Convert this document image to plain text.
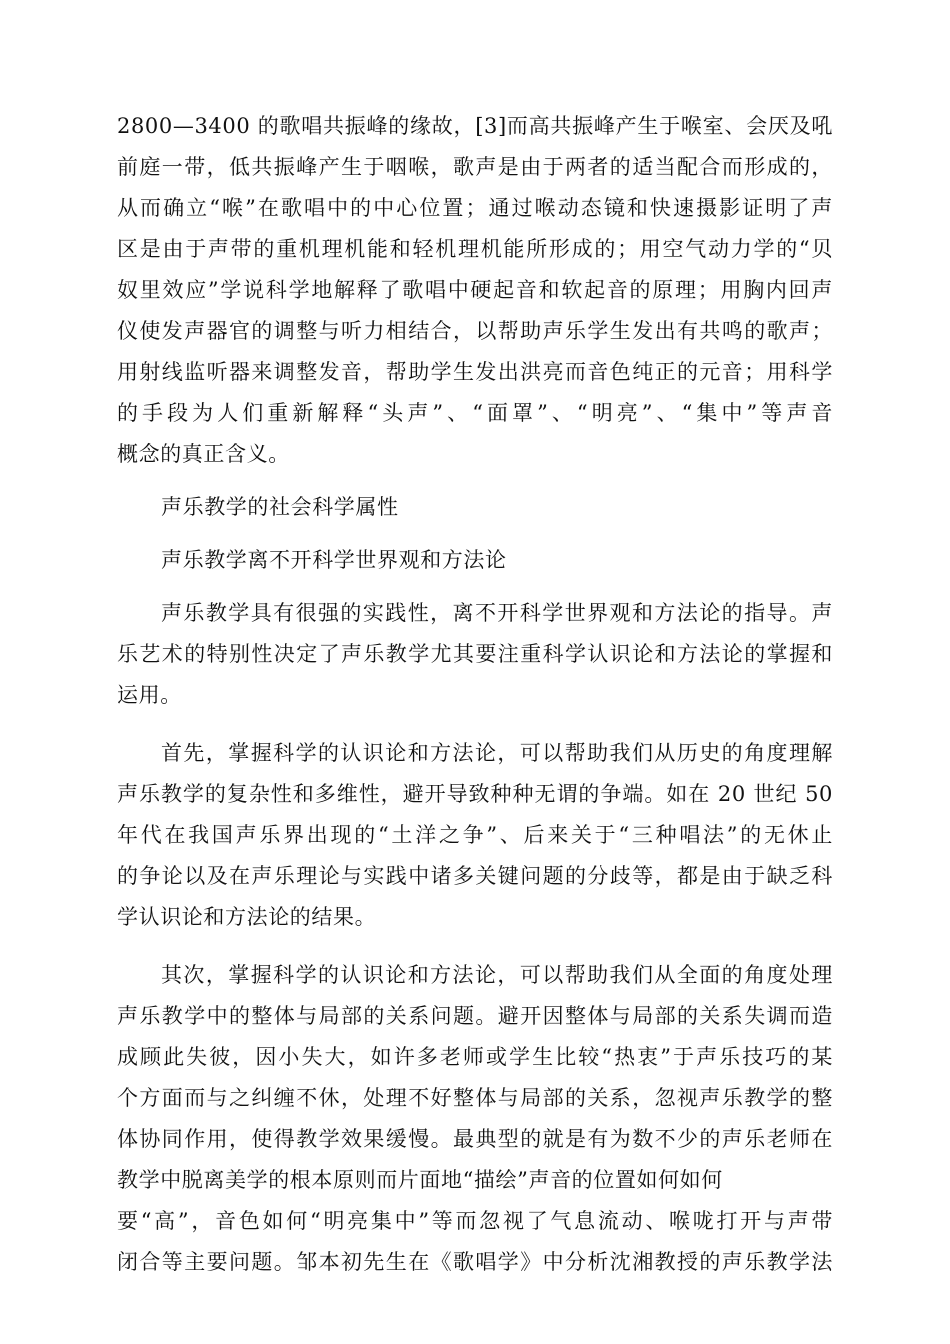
2800—3400 的歌唱共振峰的缘故，[3]而高共振峰产生于喉室、会厌及吼
前庭一带，低共振峰产生于咽喉，歌声是由于两者的适当配合而形成的，
从而确立“喉”在歌唱中的中心位置；通过喉动态镜和快速摄影证明了声
区是由于声带的重机理机能和轻机理机能所形成的；用空气动力学的“贝
奴里效应”学说科学地解释了歌唱中硬起音和软起音的原理；用胸内回声
仪使发声器官的调整与听力相结合，以帮助声乐学生发出有共鸣的歌声；
用射线监听器来调整发音，帮助学生发出洪亮而音色纯正的元音；用科学
的手段为人们重新解释“头声”、“面罩”、“明亮”、“集中”等声音
概念的真正含义。
声乐教学的社会科学属性
声乐教学离不开科学世界观和方法论
声乐教学具有很强的实践性，离不开科学世界观和方法论的指导。声
乐艺术的特别性决定了声乐教学尤其要注重科学认识论和方法论的掌握和
运用。
首先，掌握科学的认识论和方法论，可以帮助我们从历史的角度理解
声乐教学的复杂性和多维性，避开导致种种无谓的争端。如在 20 世纪 50
年代在我国声乐界出现的“土洋之争”、后来关于“三种唱法”的无休止
的争论以及在声乐理论与实践中诸多关键问题的分歧等，都是由于缺乏科
学认识论和方法论的结果。
其次，掌握科学的认识论和方法论，可以帮助我们从全面的角度处理
声乐教学中的整体与局部的关系问题。避开因整体与局部的关系失调而造
成顾此失彼，因小失大，如许多老师或学生比较“热衷”于声乐技巧的某
个方面而与之纠缠不休，处理不好整体与局部的关系，忽视声乐教学的整
体协同作用，使得教学效果缓慢。最典型的就是有为数不少的声乐老师在
教学中脱离美学的根本原则而片面地“描绘”声音的位置如何如何
要“高”，音色如何“明亮集中”等而忽视了气息流动、喉咙打开与声带
闭合等主要问题。邹本初先生在《歌唱学》中分析沈湘教授的声乐教学法
